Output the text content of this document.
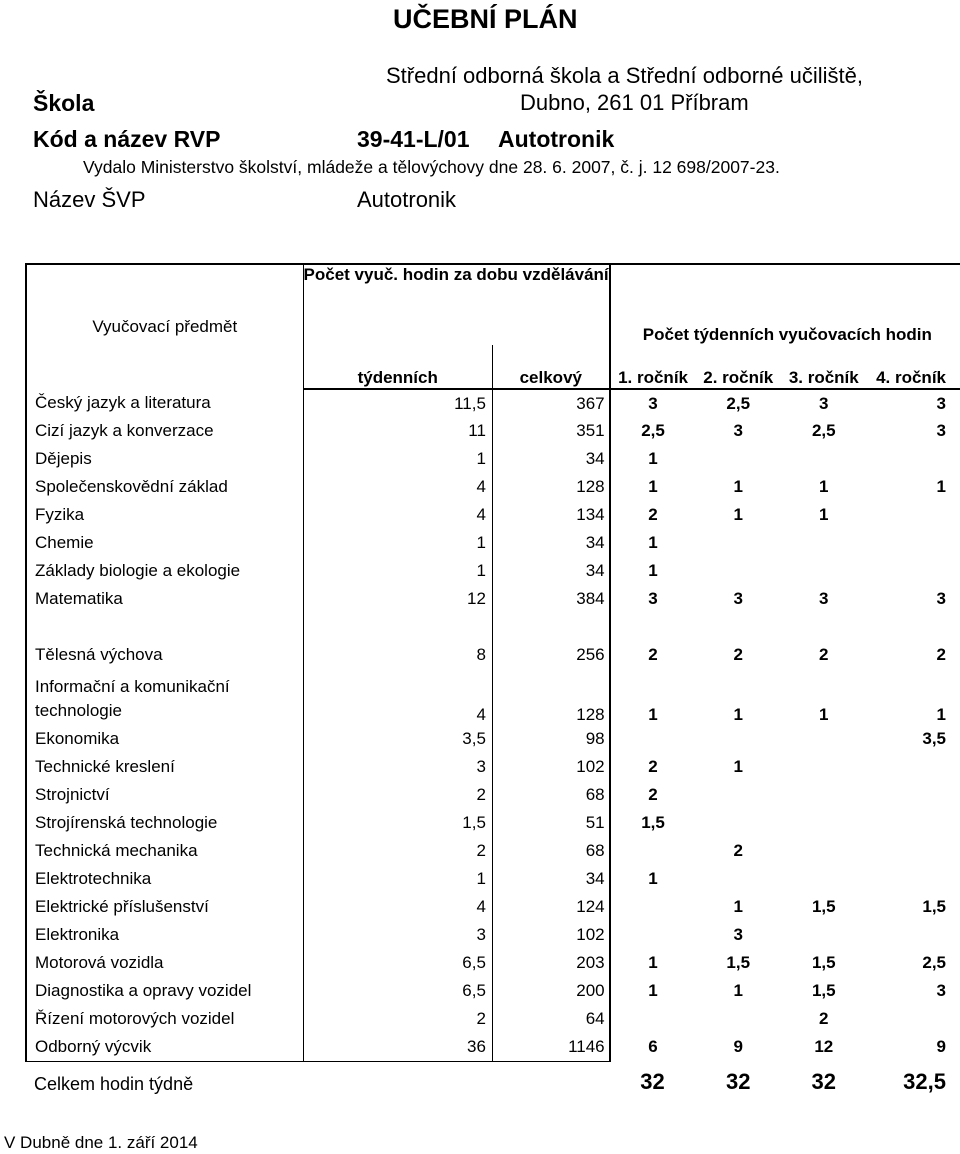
UČEBNÍ PLÁN
Střední odborná škola a Střední odborné učiliště,
Škola	Dubno, 261 01 Příbram
Kód a název RVP	39-41-L/01 Autotronik
Vydalo Ministerstvo školství, mládeže a tělovýchovy dne 28. 6. 2007, č. j. 12 698/2007-23.
Název ŠVP	Autotronik
Vyučovací předmět	Počet vyuč. hodin za dobu vzdělávání		Počet týdenních vyučovacích hodin			

	týdenních	celkový	1. ročník	2. ročník	3. ročník	4. ročník
Český jazyk a literatura	11,5	367	3	2,5	3	3
Cizí jazyk a konverzace	11	351	2,5	3	2,5	3
Dějepis	1	34	1			
Společenskovědní základ	4	128	1	1	1	1
Fyzika	4	134	2	1	1	
Chemie	1	34	1			
Základy biologie a ekologie	1	34	1			
Matematika	12	384	3	3	3	3

Tělesná výchova	8	256	2	2	2	2
Informační a komunikační technologie	4	128	1	1	1	1
Ekonomika	3,5	98				3,5
Technické kreslení	3	102	2	1		
Strojnictví	2	68	2			
Strojírenská technologie	1,5	51	1,5			
Technická mechanika	2	68		2		
Elektrotechnika	1	34	1			
Elektrické příslušenství	4	124		1	1,5	1,5
Elektronika	3	102		3		
Motorová vozidla	6,5	203	1	1,5	1,5	2,5
Diagnostika a opravy vozidel	6,5	200	1	1	1,5	3
Řízení motorových vozidel	2	64			2	
Odborný výcvik	36	1146	6	9	12	9
Celkem hodin týdně			32	32	32	32,5
V Dubně dne 1. září 2014
